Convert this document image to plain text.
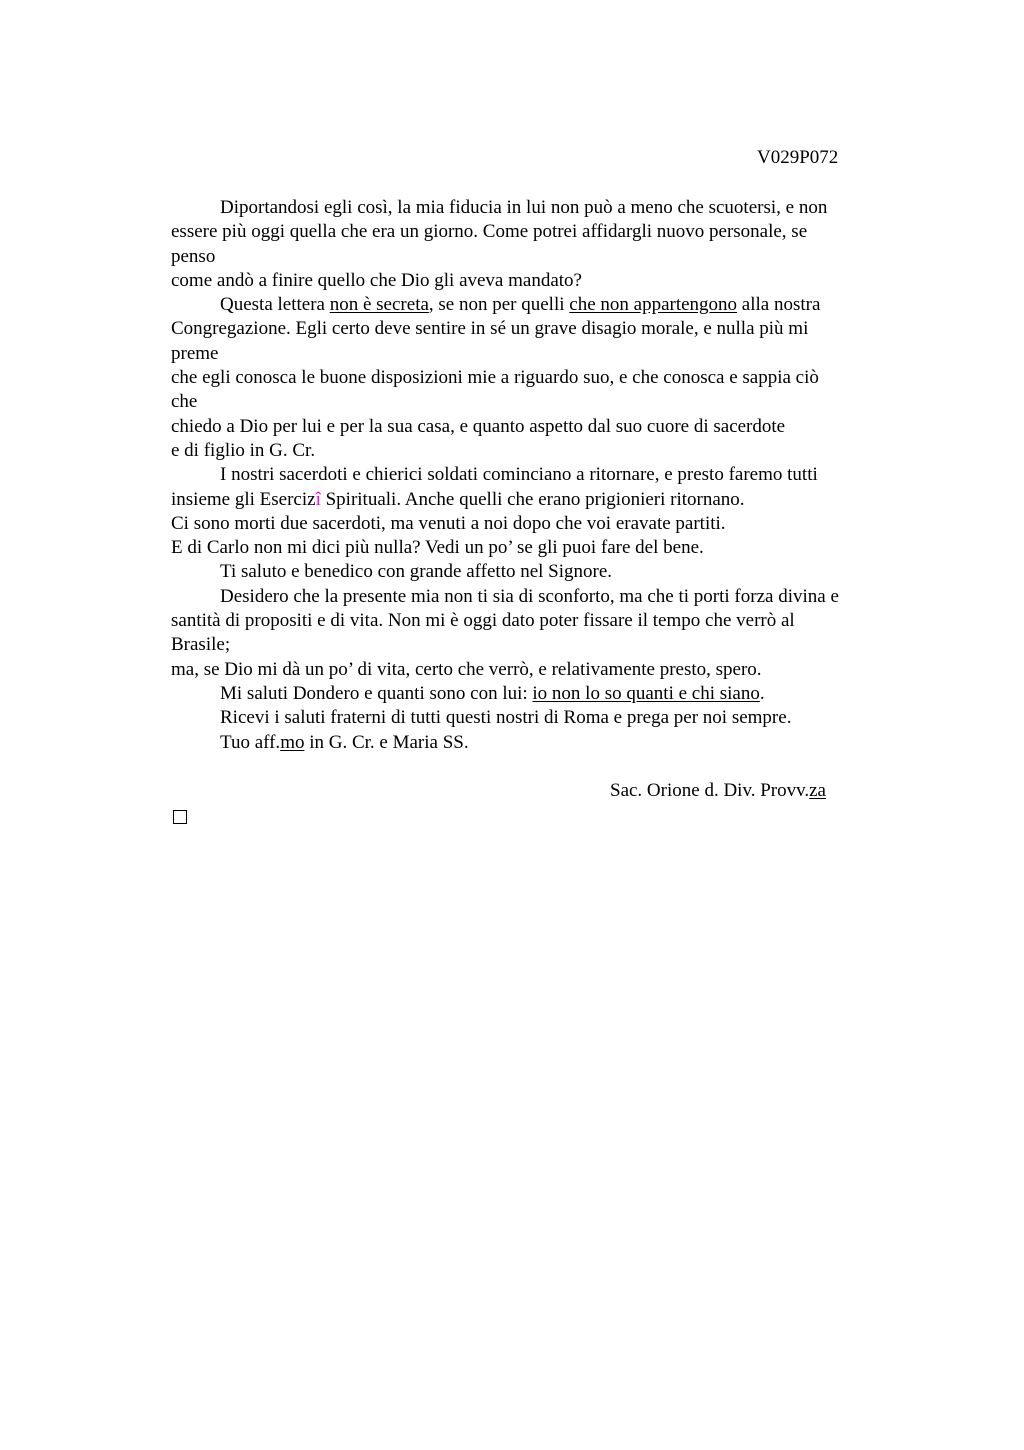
V029P072
Diportandosi egli così, la mia fiducia in lui non può a meno che scuotersi, e non
essere più oggi quella che era un giorno. Come potrei affidargli nuovo personale, se
penso
come andò a finire quello che Dio gli aveva mandato?
Questa lettera non è secreta, se non per quelli che non appartengono alla nostra
Congregazione. Egli certo deve sentire in sé un grave disagio morale, e nulla più mi
preme
che egli conosca le buone disposizioni mie a riguardo suo, e che conosca e sappia ciò
che
chiedo a Dio per lui e per la sua casa, e quanto aspetto dal suo cuore di sacerdote
e di figlio in G. Cr.
I nostri sacerdoti e chierici soldati cominciano a ritornare, e presto faremo tutti
insieme gli Esercizî Spirituali. Anche quelli che erano prigionieri ritornano.
Ci sono morti due sacerdoti, ma venuti a noi dopo che voi eravate partiti.
E di Carlo non mi dici più nulla? Vedi un po’ se gli puoi fare del bene.
Ti saluto e benedico con grande affetto nel Signore.
Desidero che la presente mia non ti sia di sconforto, ma che ti porti forza divina e
santità di propositi e di vita. Non mi è oggi dato poter fissare il tempo che verrò al
Brasile;
ma, se Dio mi dà un po’ di vita, certo che verrò, e relativamente presto, spero.
Mi saluti Dondero e quanti sono con lui: io non lo so quanti e chi siano.
Ricevi i saluti fraterni di tutti questi nostri di Roma e prega per noi sempre.
Tuo aff.mo in G. Cr. e Maria SS.
Sac. Orione d. Div. Provv.za
